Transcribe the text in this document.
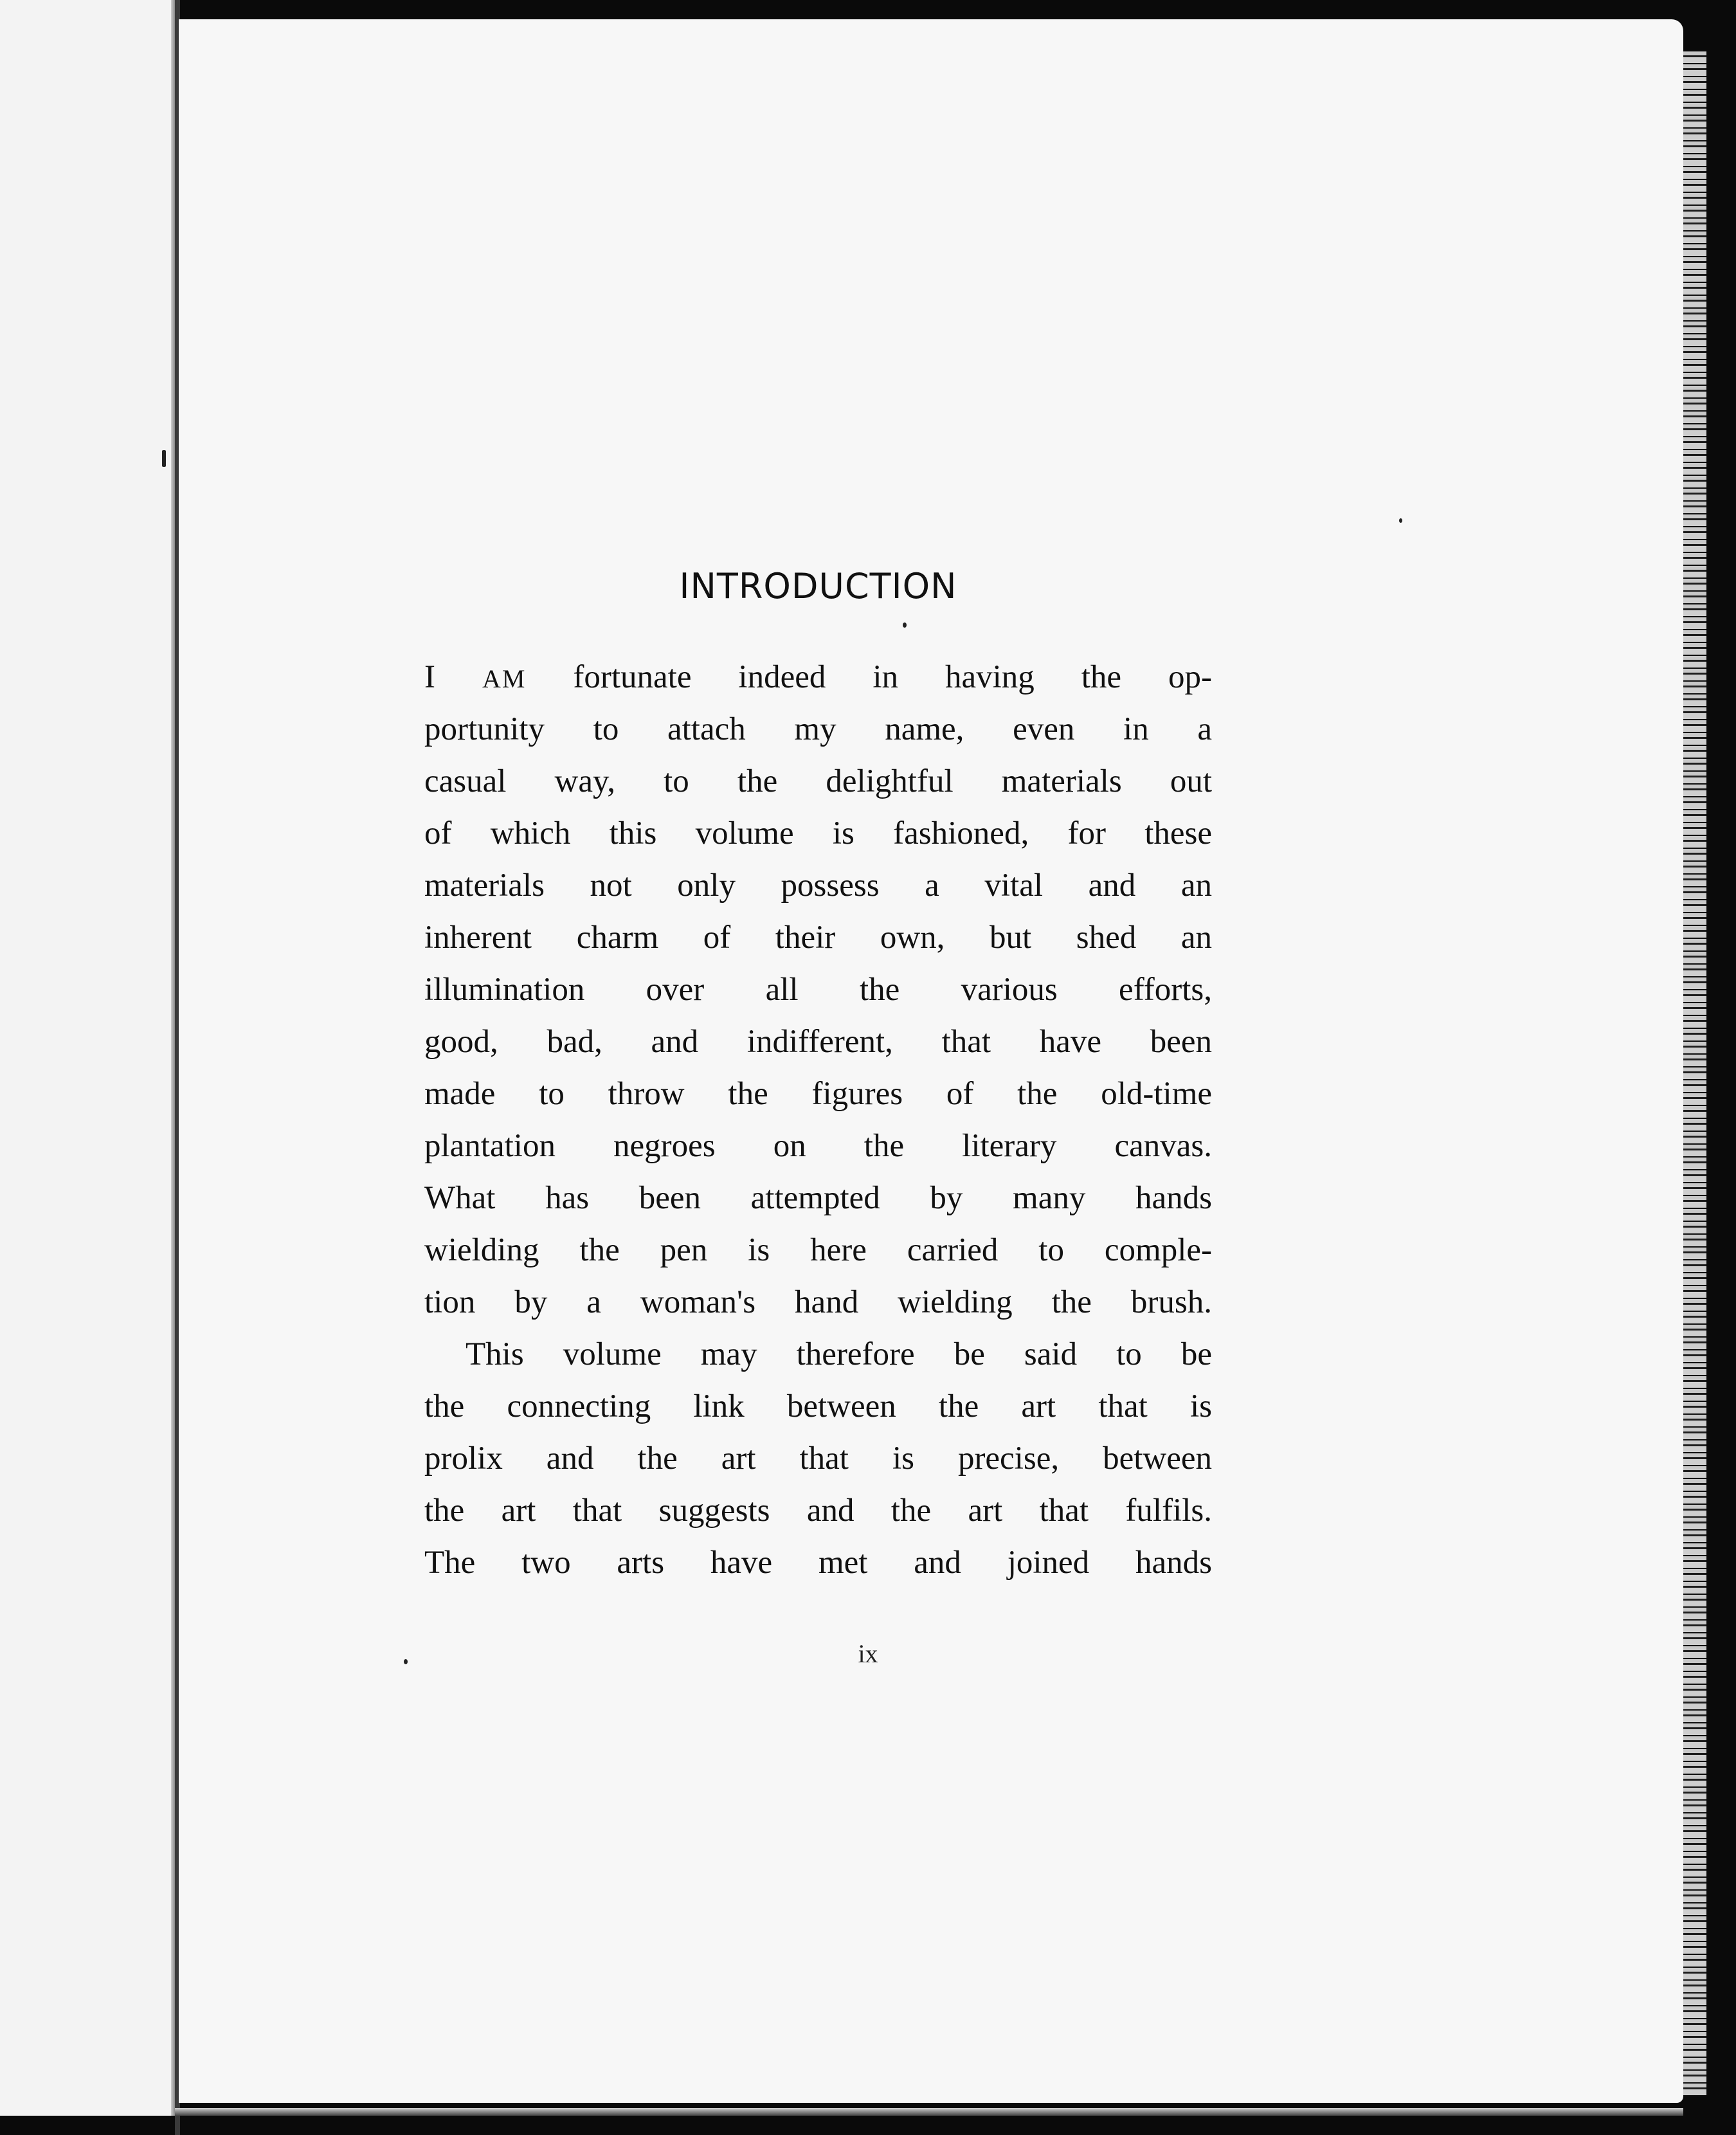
INTRODUCTION
I AM fortunate indeed in having the op-
portunity to attach my name, even in a
casual way, to the delightful materials out
of which this volume is fashioned, for these
materials not only possess a vital and an
inherent charm of their own, but shed an
illumination over all the various efforts,
good, bad, and indifferent, that have been
made to throw the figures of the old-time
plantation negroes on the literary canvas.
What has been attempted by many hands
wielding the pen is here carried to comple-
tion by a woman's hand wielding the brush.
This volume may therefore be said to be
the connecting link between the art that is
prolix and the art that is precise, between
the art that suggests and the art that fulfils.
The two arts have met and joined hands
ix
